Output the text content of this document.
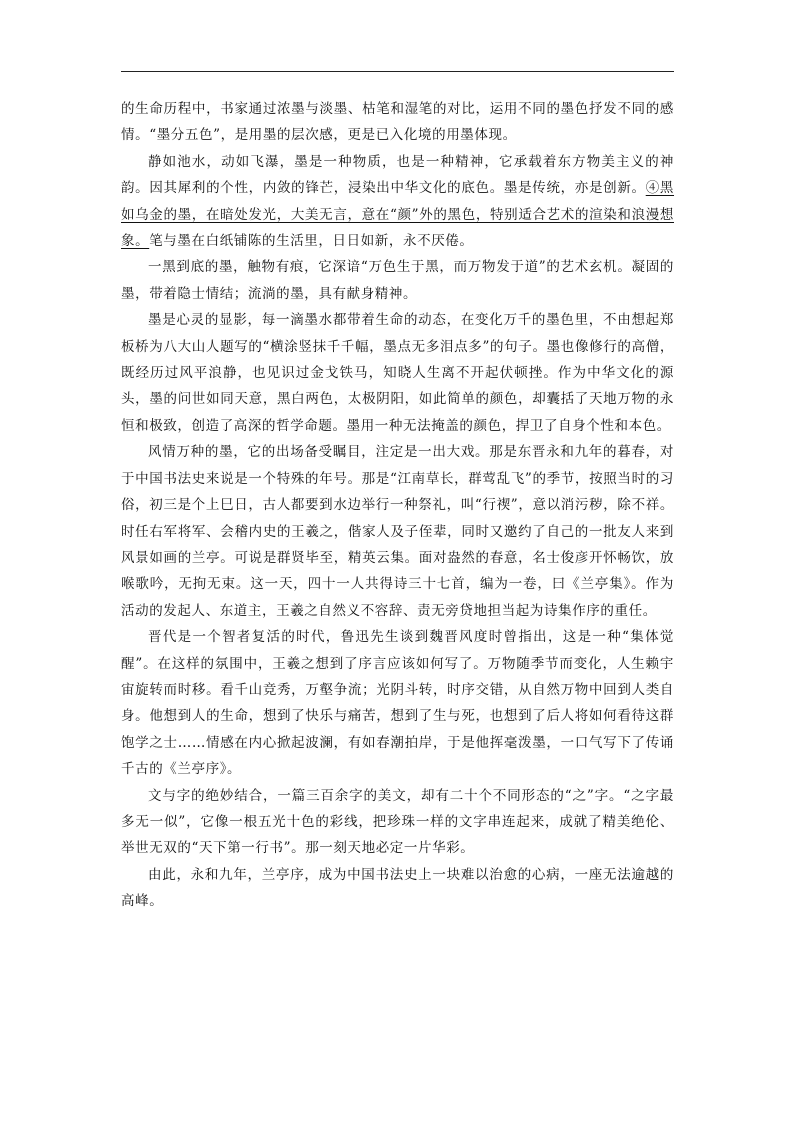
的生命历程中，书家通过浓墨与淡墨、枯笔和湿笔的对比，运用不同的墨色抒发不同的感情。“墨分五色”，是用墨的层次感，更是已入化境的用墨体现。

静如池水，动如飞瀑，墨是一种物质，也是一种精神，它承载着东方物美主义的神韵。因其犀利的个性，内敛的锋芒，浸染出中华文化的底色。墨是传统，亦是创新。④黑如乌金的墨，在暗处发光，大美无言，意在“颜”外的黑色，特别适合艺术的渲染和浪漫想象。笔与墨在白纸铺陈的生活里，日日如新，永不厌倦。

一黑到底的墨，触物有痕，它深谙“万色生于黑，而万物发于道”的艺术玄机。凝固的墨，带着隐士情结；流淌的墨，具有献身精神。

墨是心灵的显影，每一滴墨水都带着生命的动态，在变化万千的墨色里，不由想起郑板桥为八大山人题写的“横涂竖抹千千幅，墨点无多泪点多”的句子。墨也像修行的高僧，既经历过风平浪静，也见识过金戈铁马，知晓人生离不开起伏顿挫。作为中华文化的源头，墨的问世如同天意，黑白两色，太极阴阳，如此简单的颜色，却囊括了天地万物的永恒和极致，创造了高深的哲学命题。墨用一种无法掩盖的颜色，捍卫了自身个性和本色。

风情万种的墨，它的出场备受瞩目，注定是一出大戏。那是东晋永和九年的暮春，对于中国书法史来说是一个特殊的年号。那是“江南草长，群莺乱飞”的季节，按照当时的习俗，初三是个上巳日，古人都要到水边举行一种祭礼，叫“行禊”，意以消污秽，除不祥。时任右军将军、会稽内史的王羲之，偕家人及子侄辈，同时又邀约了自己的一批友人来到风景如画的兰亭。可说是群贤毕至，精英云集。面对盎然的春意，名士俊彦开怀畅饮，放喉歌吟，无拘无束。这一天，四十一人共得诗三十七首，编为一卷，曰《兰亭集》。作为活动的发起人、东道主，王羲之自然义不容辞、责无旁贷地担当起为诗集作序的重任。

晋代是一个智者复活的时代，鲁迅先生谈到魏晋风度时曾指出，这是一种“集体觉醒”。在这样的氛围中，王羲之想到了序言应该如何写了。万物随季节而变化，人生赖宇宙旋转而时移。看千山竞秀，万壑争流；光阴斗转，时序交错，从自然万物中回到人类自身。他想到人的生命，想到了快乐与痛苦，想到了生与死，也想到了后人将如何看待这群饱学之士……情感在内心掀起波澜，有如春潮拍岸，于是他挥毫泼墨，一口气写下了传诵千古的《兰亭序》。

文与字的绝妙结合，一篇三百余字的美文，却有二十个不同形态的“之”字。“之字最多无一似”，它像一根五光十色的彩线，把珍珠一样的文字串连起来，成就了精美绝伦、举世无双的“天下第一行书”。那一刻天地必定一片华彩。

由此，永和九年，兰亭序，成为中国书法史上一块难以治愈的心病，一座无法逾越的高峰。
